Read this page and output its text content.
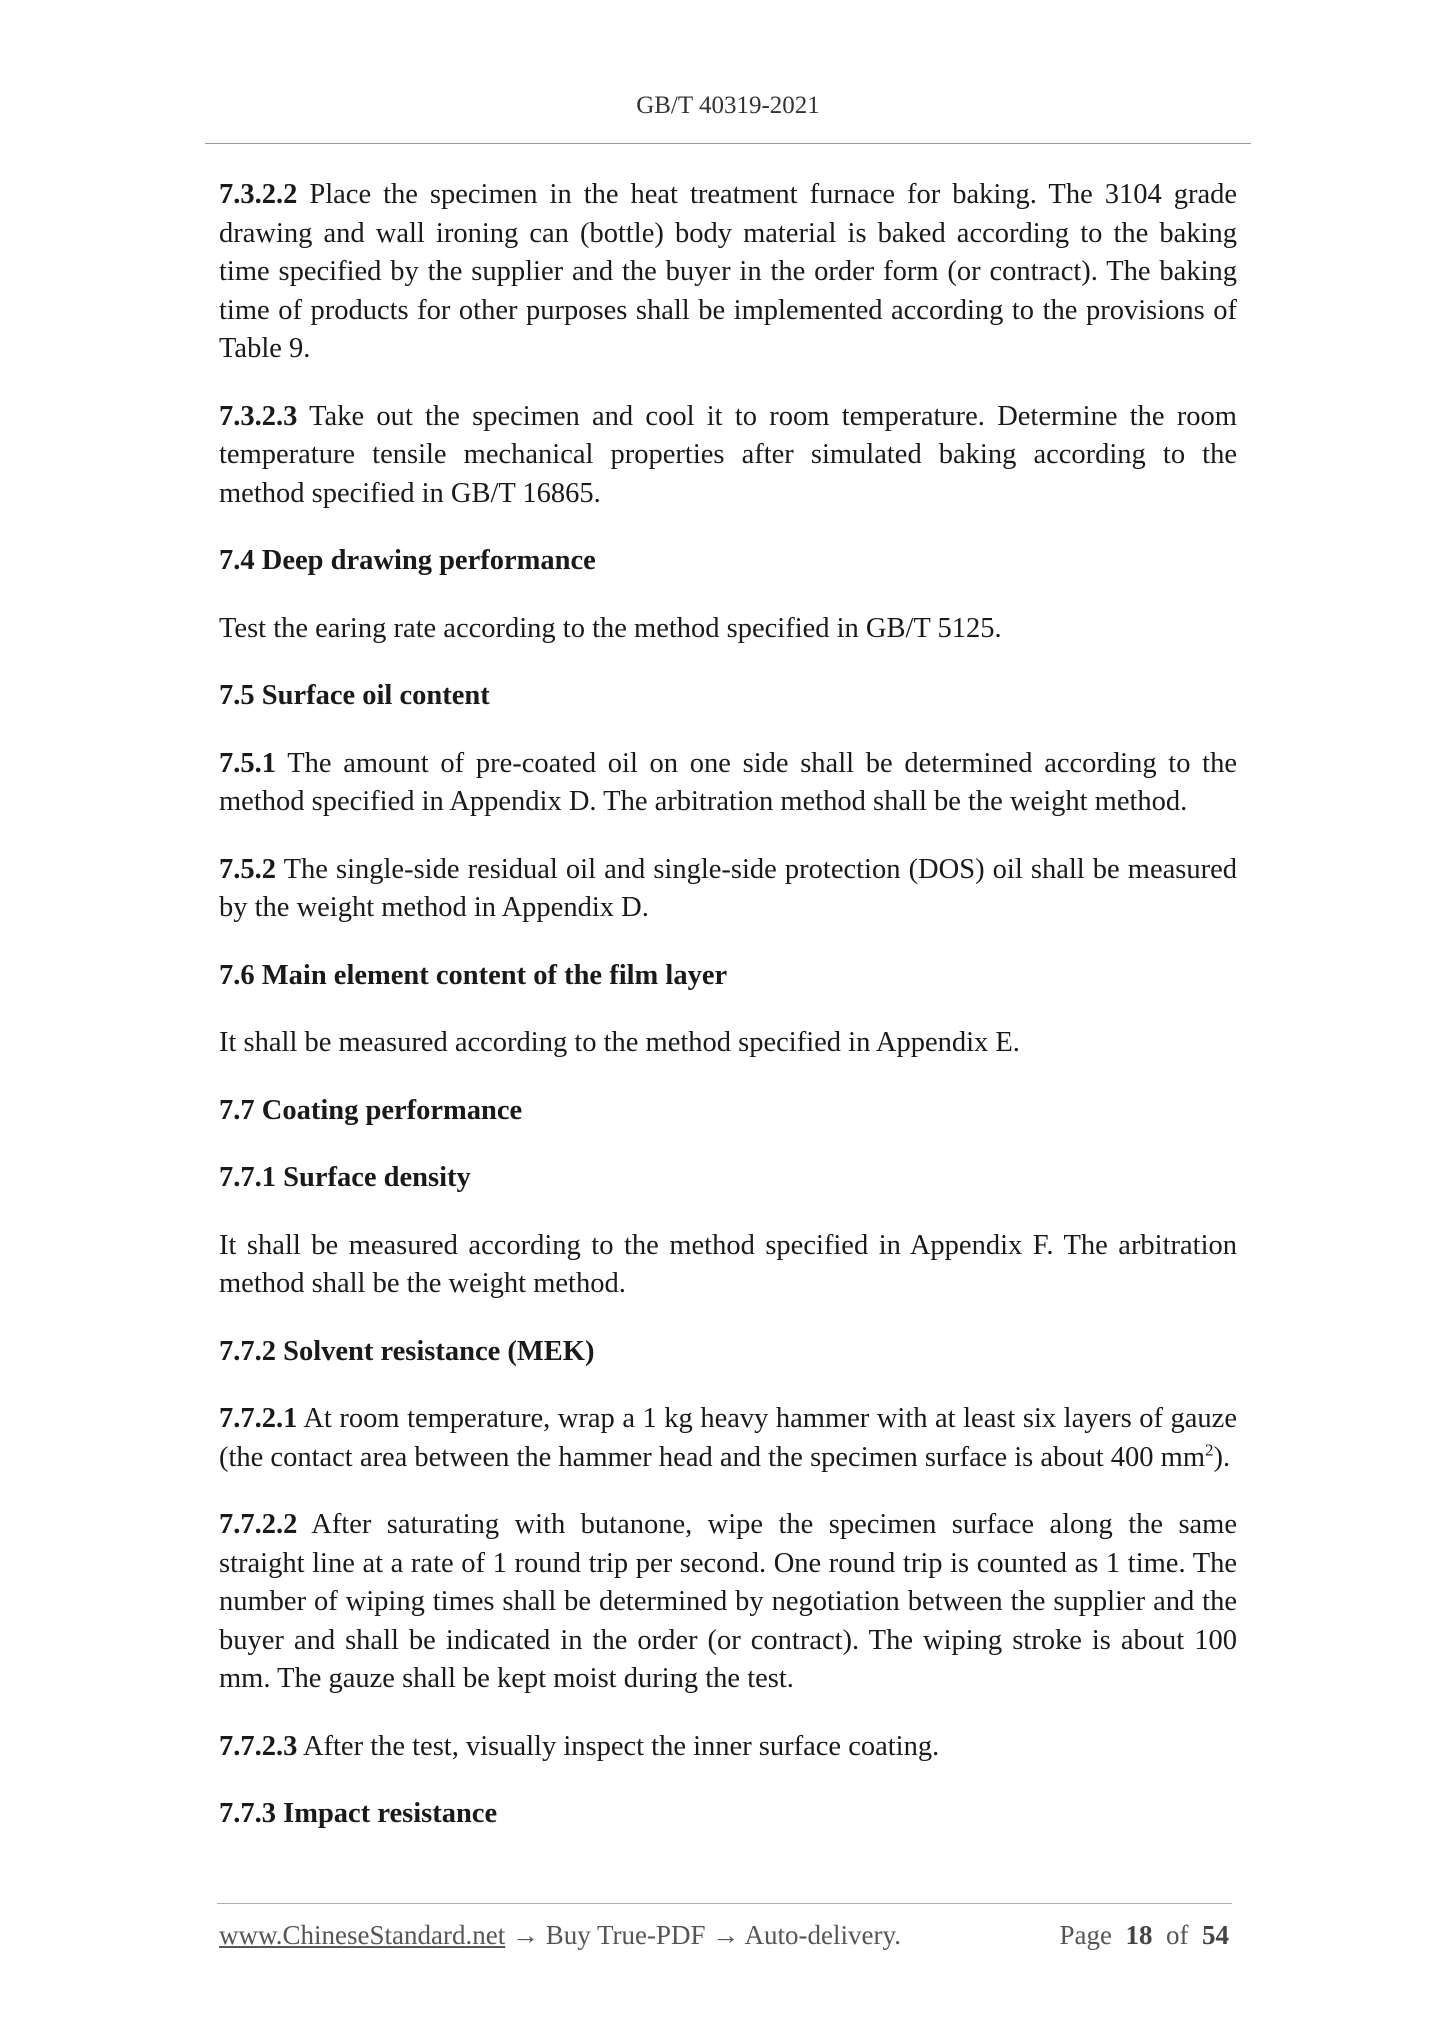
GB/T 40319-2021

7.3.2.2 Place the specimen in the heat treatment furnace for baking. The 3104 grade drawing and wall ironing can (bottle) body material is baked according to the baking time specified by the supplier and the buyer in the order form (or contract). The baking time of products for other purposes shall be implemented according to the provisions of Table 9.

7.3.2.3 Take out the specimen and cool it to room temperature. Determine the room temperature tensile mechanical properties after simulated baking according to the method specified in GB/T 16865.

7.4 Deep drawing performance

Test the earing rate according to the method specified in GB/T 5125.

7.5 Surface oil content

7.5.1 The amount of pre-coated oil on one side shall be determined according to the method specified in Appendix D. The arbitration method shall be the weight method.

7.5.2 The single-side residual oil and single-side protection (DOS) oil shall be measured by the weight method in Appendix D.

7.6 Main element content of the film layer

It shall be measured according to the method specified in Appendix E.

7.7 Coating performance

7.7.1 Surface density

It shall be measured according to the method specified in Appendix F. The arbitration method shall be the weight method.

7.7.2 Solvent resistance (MEK)

7.7.2.1 At room temperature, wrap a 1 kg heavy hammer with at least six layers of gauze (the contact area between the hammer head and the specimen surface is about 400 $mm^2$).

7.7.2.2 After saturating with butanone, wipe the specimen surface along the same straight line at a rate of 1 round trip per second. One round trip is counted as 1 time. The number of wiping times shall be determined by negotiation between the supplier and the buyer and shall be indicated in the order (or contract). The wiping stroke is about 100 mm. The gauze shall be kept moist during the test.

7.7.2.3 After the test, visually inspect the inner surface coating.

7.7.3 Impact resistance

www.ChineseStandard.net → Buy True-PDF → Auto-delivery.	Page 18 of 54
